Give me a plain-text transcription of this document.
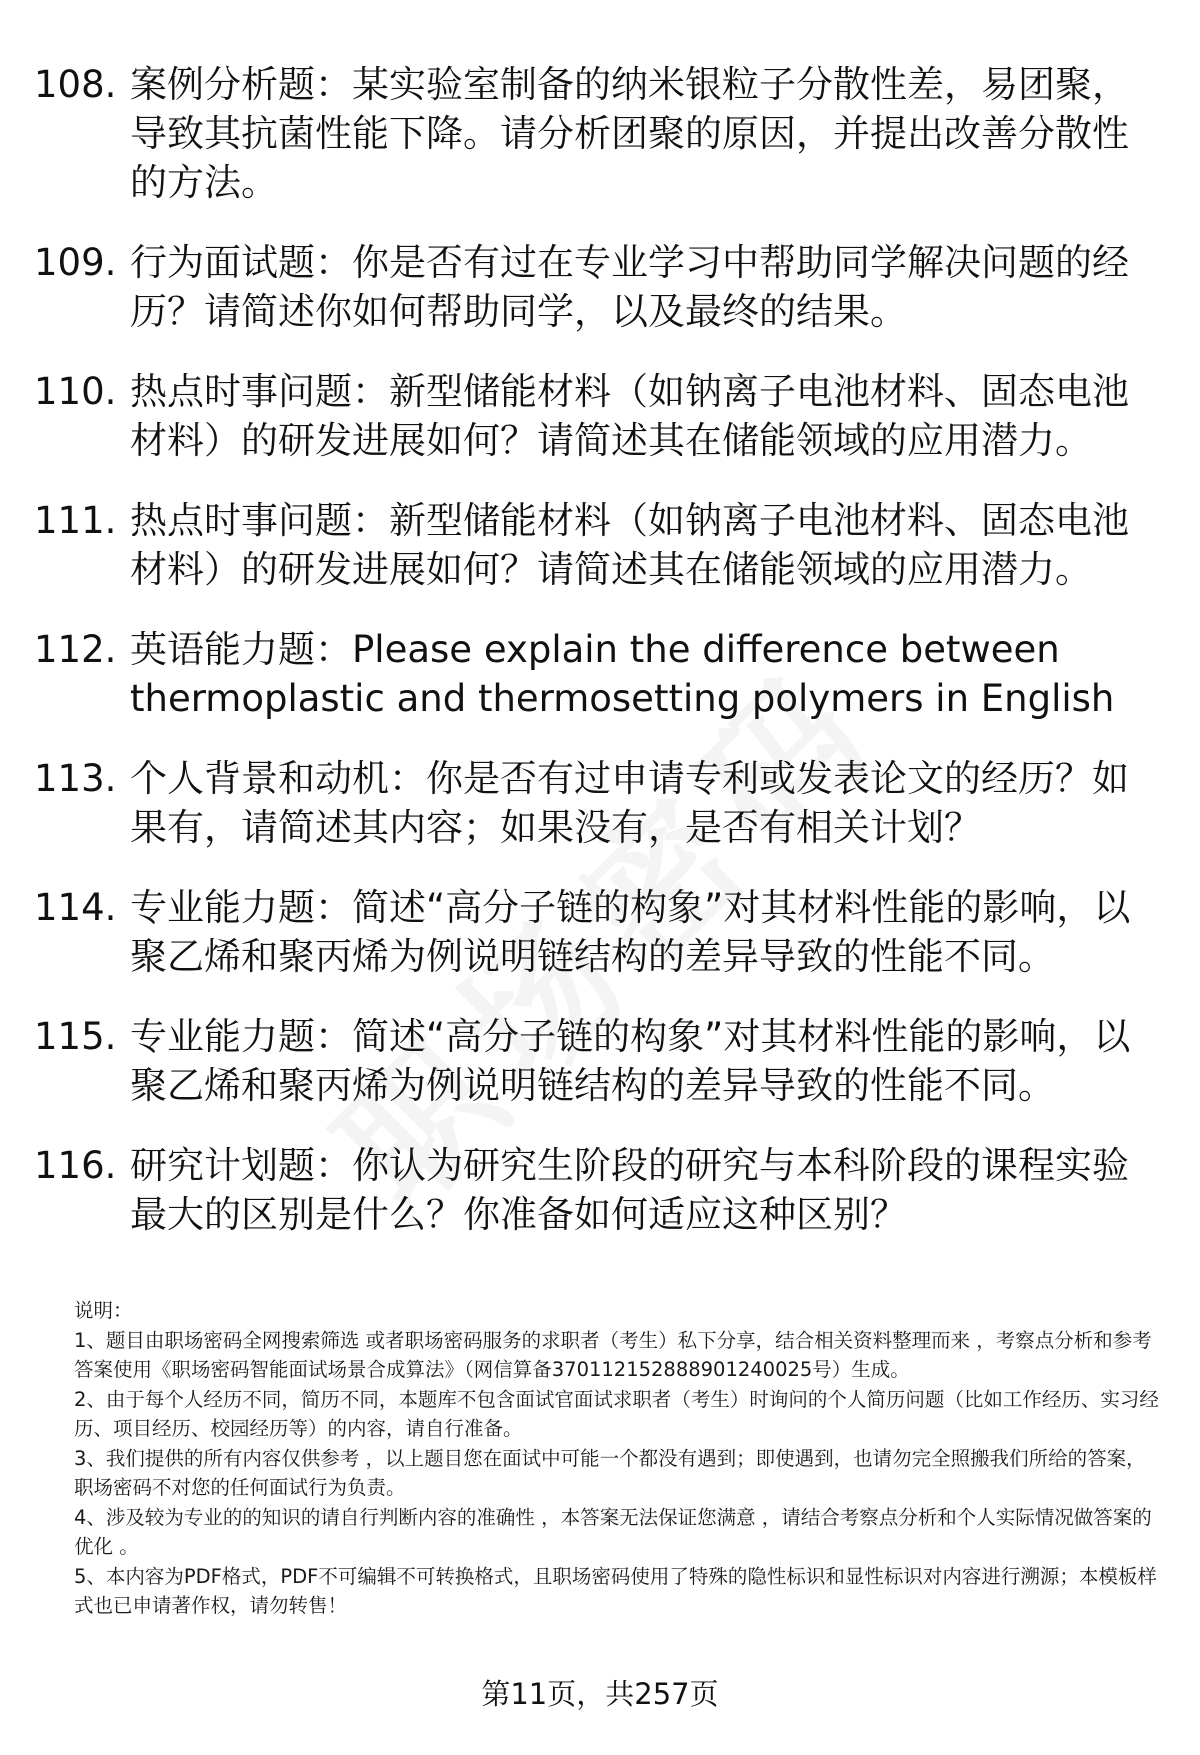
108. 案例分析题：某实验室制备的纳米银粒子分散性差，易团聚，导致其抗菌性能下降。请分析团聚的原因，并提出改善分散性的方法。
109. 行为面试题：你是否有过在专业学习中帮助同学解决问题的经历？请简述你如何帮助同学，以及最终的结果。
110. 热点时事问题：新型储能材料（如钠离子电池材料、固态电池材料）的研发进展如何？请简述其在储能领域的应用潜力。
111. 热点时事问题：新型储能材料（如钠离子电池材料、固态电池材料）的研发进展如何？请简述其在储能领域的应用潜力。
112. 英语能力题：Please explain the difference between thermoplastic and thermosetting polymers in English
113. 个人背景和动机：你是否有过申请专利或发表论文的经历？如果有，请简述其内容；如果没有，是否有相关计划？
114. 专业能力题：简述“高分子链的构象”对其材料性能的影响，以聚乙烯和聚丙烯为例说明链结构的差异导致的性能不同。
115. 专业能力题：简述“高分子链的构象”对其材料性能的影响，以聚乙烯和聚丙烯为例说明链结构的差异导致的性能不同。
116. 研究计划题：你认为研究生阶段的研究与本科阶段的课程实验最大的区别是什么？你准备如何适应这种区别？

说明：

1、题目由职场密码全网搜索筛选 或者职场密码服务的求职者（考生）私下分享，结合相关资料整理而来 ，考察点分析和参考答案使用《职场密码智能面试场景合成算法》（网信算备370112152888901240025号）生成。

2、由于每个人经历不同，简历不同，本题库不包含面试官面试求职者（考生）时询问的个人简历问题（比如工作经历、实习经历、项目经历、校园经历等）的内容，请自行准备。

3、我们提供的所有内容仅供参考 ，以上题目您在面试中可能一个都没有遇到；即使遇到，也请勿完全照搬我们所给的答案，职场密码不对您的任何面试行为负责。

4、涉及较为专业的的知识的请自行判断内容的准确性 ，本答案无法保证您满意 ，请结合考察点分析和个人实际情况做答案的优化 。

5、本内容为PDF格式，PDF不可编辑不可转换格式，且职场密码使用了特殊的隐性标识和显性标识对内容进行溯源；本模板样式也已申请著作权，请勿转售！

第11页，共257页
